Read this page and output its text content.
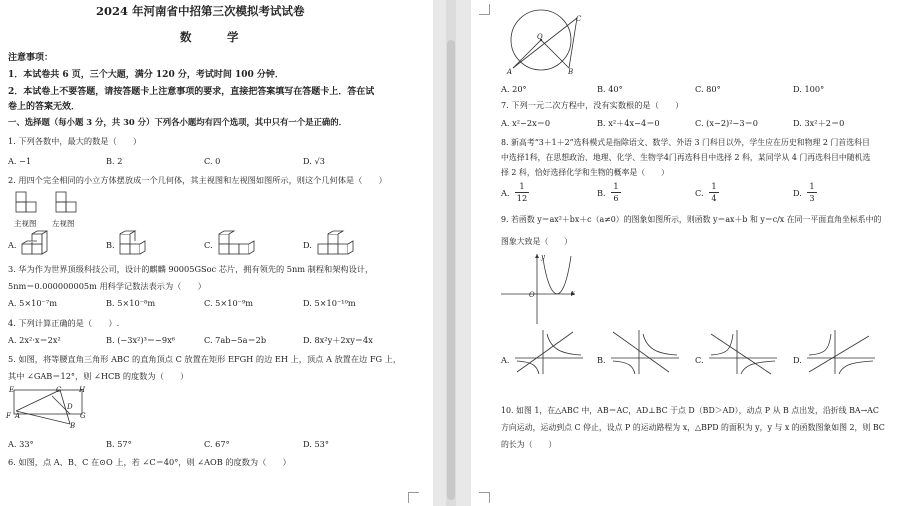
2024 年河南省中招第三次模拟考试试卷
数　学
注意事项：
1．本试卷共 6 页，三个大题，满分 120 分，考试时间 100 分钟．
2．本试卷上不要答题，请按答题卡上注意事项的要求，直接把答案填写在答题卡上．答在试
卷上的答案无效．
一、选择题（每小题 3 分，共 30 分）下列各小题均有四个选项，其中只有一个是正确的．
1. 下列各数中，最大的数是（　　）
A. −1	B. 2	C. 0	D. √3
2. 用四个完全相同的小立方体摆放成一个几何体，其主视图和左视图如图所示，则这个几何体是（　　）
主视图 左视图
A.	B.	C.	D.
3. 华为作为世界顶级科技公司，设计的麒麟 90005GSoc 芯片，拥有领先的 5nm 制程和架构设计，
5nm＝0.000000005m 用科学记数法表示为（　　）
A. 5×10⁻⁷m	B. 5×10⁻⁸m	C. 5×10⁻⁹m	D. 5×10⁻¹⁰m
4. 下列计算正确的是（　　）.
A. 2x²·x＝2x²	B. (−3x²)³＝−9x⁶	C. 7ab−5a＝2b	D. 8x²y＋2xy＝4x
5. 如图，将等腰直角三角形 ABC 的直角顶点 C 放置在矩形 EFGH 的边 EH 上，顶点 A 放置在边 FG 上，
其中 ∠GAB＝12°，则 ∠HCB 的度数为（　　）
E	C	H
D
F A	G
B
A. 33°	B. 57°	C. 67°	D. 53°
6. 如图，点 A、B、C 在⊙O 上，若 ∠C＝40°，则 ∠AOB 的度数为（　　）
C
O
A	B
A. 20°	B. 40°	C. 80°	D. 100°
7. 下列一元二次方程中，没有实数根的是（　　）
A. x²−2x＝0	B. x²＋4x−4＝0	C. (x−2)²−3＝0	D. 3x²＋2＝0
8. 新高考“3＋1＋2”选科模式是指除语文、数学、外语 3 门科目以外，学生应在历史和物理 2 门首选科目
中选择1科，在思想政治、地理、化学、生物学4门再选科目中选择 2 科，某同学从 4 门再选科目中随机选
择 2 科，恰好选择化学和生物的概率是（　　）
A.
1
12	B.
1
6	C.
1
4	D.
1
3
9. 若函数 y＝ax²＋bx＋c（a≠0）的图象如图所示，则函数 y＝ax＋b 和 y＝c/x 在同一平面直角坐标系中的
图象大致是（　　）
y
O	x
A.	B.	C.	D.
10. 如图 1，在△ABC 中，AB＝AC，AD⊥BC 于点 D（BD＞AD），动点 P 从 B 点出发，沿折线 BA→AC
方向运动，运动到点 C 停止，设点 P 的运动路程为 x，△BPD 的面积为 y，y 与 x 的函数图象如图 2，则 BC
的长为（　　）
